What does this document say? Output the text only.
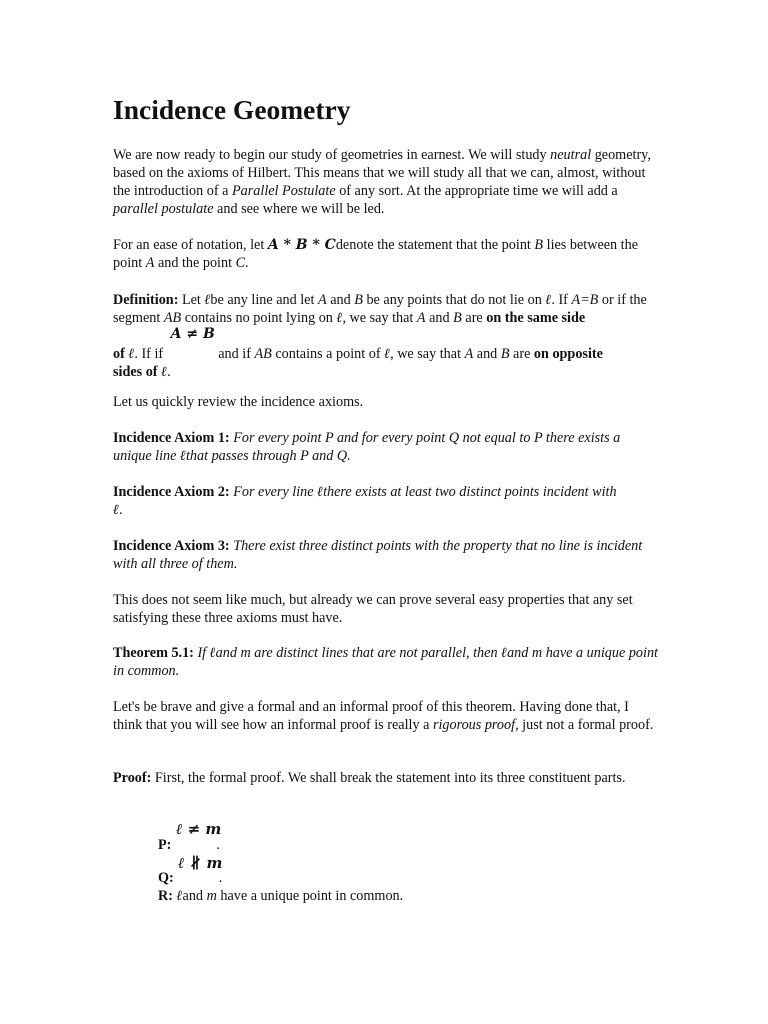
Incidence Geometry

We are now ready to begin our study of geometries in earnest. We will study neutral geometry, based on the axioms of Hilbert. This means that we will study all that we can, almost, without the introduction of a Parallel Postulate of any sort. At the appropriate time we will add a parallel postulate and see where we will be led.

For an ease of notation, let A * B * Cdenote the statement that the point B lies between the point A and the point C.

Definition: Let ℓbe any line and let A and B be any points that do not lie on ℓ. If A=B or if the segment AB contains no point lying on ℓ, we say that A and B are on the same side

of ℓ. If if
A ≠ B
and if AB contains a point of ℓ, we say that A and B are on opposite
sides of ℓ.

Let us quickly review the incidence axioms.

Incidence Axiom 1: For every point P and for every point Q not equal to P there exists a unique line ℓthat passes through P and Q.

Incidence Axiom 2: For every line ℓthere exists at least two distinct points incident with
ℓ.

Incidence Axiom 3: There exist three distinct points with the property that no line is incident with all three of them.

This does not seem like much, but already we can prove several easy properties that any set satisfying these three axioms must have.

Theorem 5.1: If ℓand m are distinct lines that are not parallel, then ℓand m have a unique point in common.

Let's be brave and give a formal and an informal proof of this theorem. Having done that, I think that you will see how an informal proof is really a rigorous proof, just not a formal proof.

Proof: First, the formal proof. We shall break the statement into its three constituent parts.

ℓ ≠ m
P:	.
ℓ ∦ m
Q:	.
R: ℓand m have a unique point in common.
